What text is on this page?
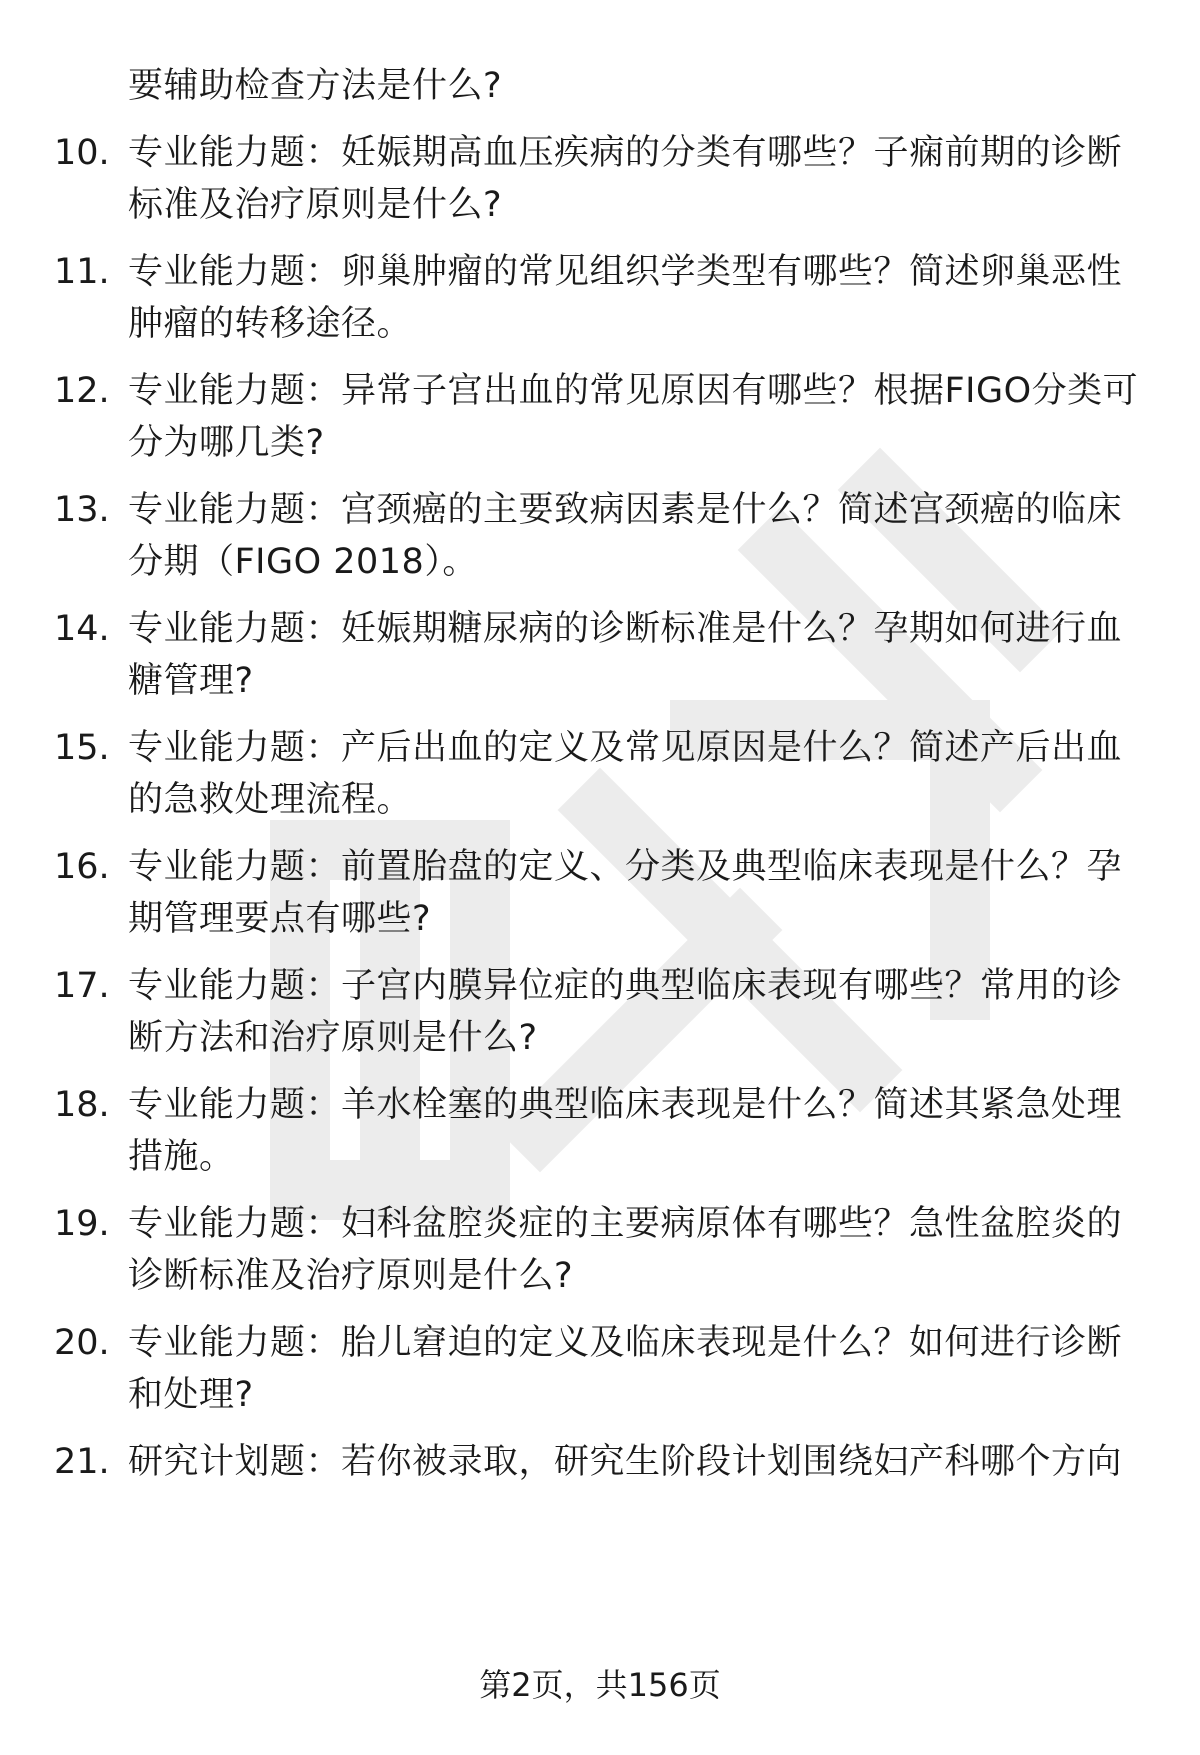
要辅助检查方法是什么?
10. 专业能力题：妊娠期高血压疾病的分类有哪些？子痫前期的诊断
标准及治疗原则是什么?
11. 专业能力题：卵巢肿瘤的常见组织学类型有哪些？简述卵巢恶性
肿瘤的转移途径。
12. 专业能力题：异常子宫出血的常见原因有哪些？根据FIGO分类可
分为哪几类?
13. 专业能力题：宫颈癌的主要致病因素是什么？简述宫颈癌的临床
分期（FIGO 2018）。
14. 专业能力题：妊娠期糖尿病的诊断标准是什么？孕期如何进行血
糖管理?
15. 专业能力题：产后出血的定义及常见原因是什么？简述产后出血
的急救处理流程。
16. 专业能力题：前置胎盘的定义、分类及典型临床表现是什么？孕
期管理要点有哪些?
17. 专业能力题：子宫内膜异位症的典型临床表现有哪些？常用的诊
断方法和治疗原则是什么?
18. 专业能力题：羊水栓塞的典型临床表现是什么？简述其紧急处理
措施。
19. 专业能力题：妇科盆腔炎症的主要病原体有哪些？急性盆腔炎的
诊断标准及治疗原则是什么?
20. 专业能力题：胎儿窘迫的定义及临床表现是什么？如何进行诊断
和处理?
21. 研究计划题：若你被录取，研究生阶段计划围绕妇产科哪个方向
第2页，共156页
